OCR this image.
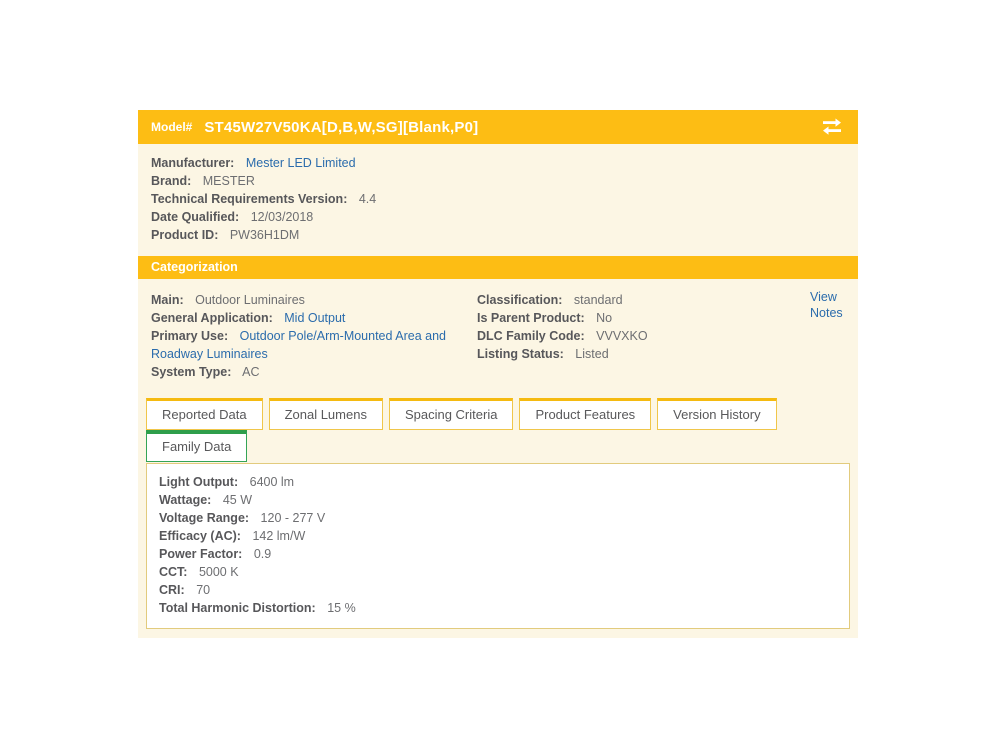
Model# ST45W27V50KA[D,B,W,SG][Blank,P0]
Manufacturer: Mester LED Limited
Brand: MESTER
Technical Requirements Version: 4.4
Date Qualified: 12/03/2018
Product ID: PW36H1DM
Categorization
Main: Outdoor Luminaires
General Application: Mid Output
Primary Use: Outdoor Pole/Arm-Mounted Area and Roadway Luminaires
System Type: AC
Classification: standard
Is Parent Product: No
DLC Family Code: VVVXKO
Listing Status: Listed
View Notes
Reported Data	Zonal Lumens	Spacing Criteria	Product Features	Version History
Family Data
Light Output: 6400 lm
Wattage: 45 W
Voltage Range: 120 - 277 V
Efficacy (AC): 142 lm/W
Power Factor: 0.9
CCT: 5000 K
CRI: 70
Total Harmonic Distortion: 15 %
